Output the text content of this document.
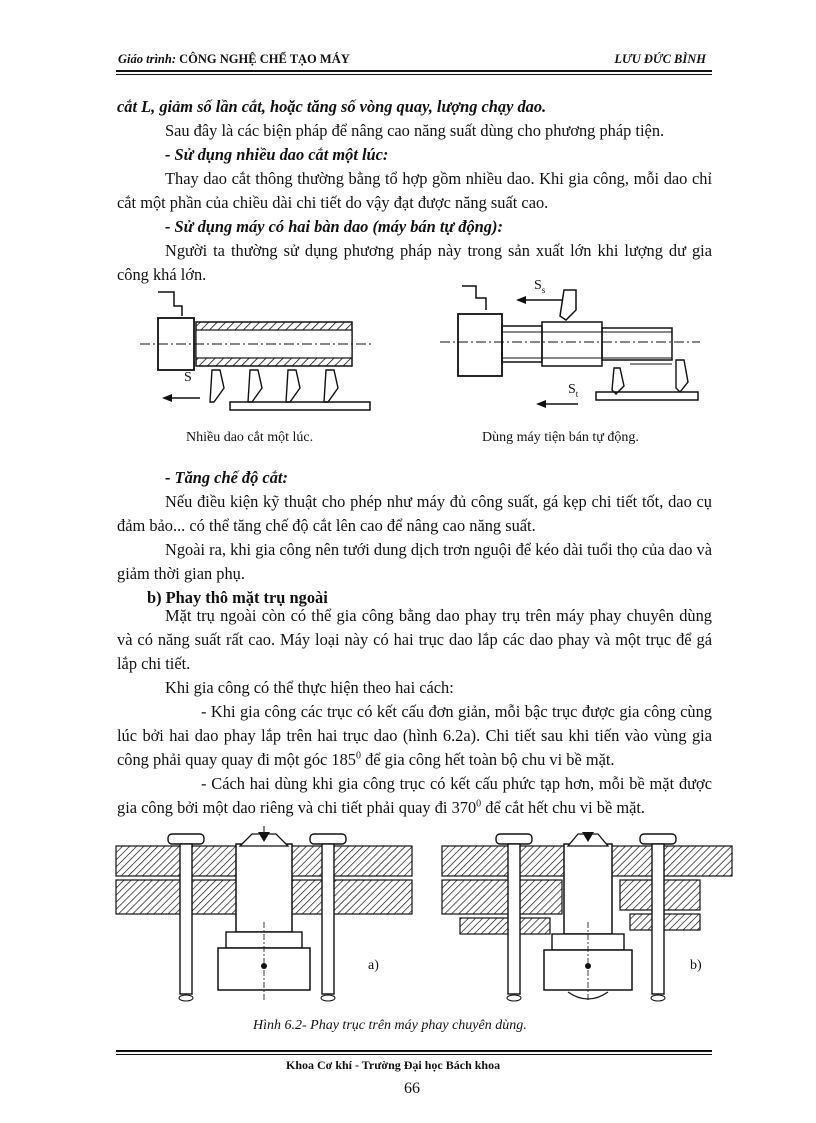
Giáo trình: CÔNG NGHỆ CHẾ TẠO MÁY	LƯU ĐỨC BÌNH
cắt L, giảm số lần cắt, hoặc tăng số vòng quay, lượng chạy dao.
Sau đây là các biện pháp để nâng cao năng suất dùng cho phương pháp tiện.
- Sử dụng nhiều dao cắt một lúc:
Thay dao cắt thông thường bằng tổ hợp gồm nhiều dao. Khi gia công, mỗi dao chỉ cắt một phần của chiều dài chi tiết do vậy đạt được năng suất cao.
- Sử dụng máy có hai bàn dao (máy bán tự động):
Người ta thường sử dụng phương pháp này trong sản xuất lớn khi lượng dư gia công khá lớn.
S
Nhiều dao cắt một lúc.
$S_s$
$S_t$
Dùng máy tiện bán tự động.
- Tăng chế độ cắt:
Nếu điều kiện kỹ thuật cho phép như máy đủ công suất, gá kẹp chi tiết tốt, dao cụ đảm bảo... có thể tăng chế độ cắt lên cao để nâng cao năng suất.
Ngoài ra, khi gia công nên tưới dung dịch trơn nguội để kéo dài tuổi thọ của dao và giảm thời gian phụ.
b) Phay thô mặt trụ ngoài
Mặt trụ ngoài còn có thể gia công bằng dao phay trụ trên máy phay chuyên dùng và có năng suất rất cao. Máy loại này có hai trục dao lắp các dao phay và một trục để gá lắp chi tiết.
Khi gia công có thể thực hiện theo hai cách:
- Khi gia công các trục có kết cấu đơn giản, mỗi bậc trục được gia công cùng lúc bởi hai dao phay lắp trên hai trục dao (hình 6.2a). Chi tiết sau khi tiến vào vùng gia công phải quay quay đi một góc $185^0$ để gia công hết toàn bộ chu vi bề mặt.
- Cách hai dùng khi gia công trục có kết cấu phức tạp hơn, mỗi bề mặt được gia công bởi một dao riêng và chi tiết phải quay đi $370^0$ để cắt hết chu vi bề mặt.
a)	b)
Hình 6.2- Phay trục trên máy phay chuyên dùng.
Khoa Cơ khí - Trường Đại học Bách khoa
66
